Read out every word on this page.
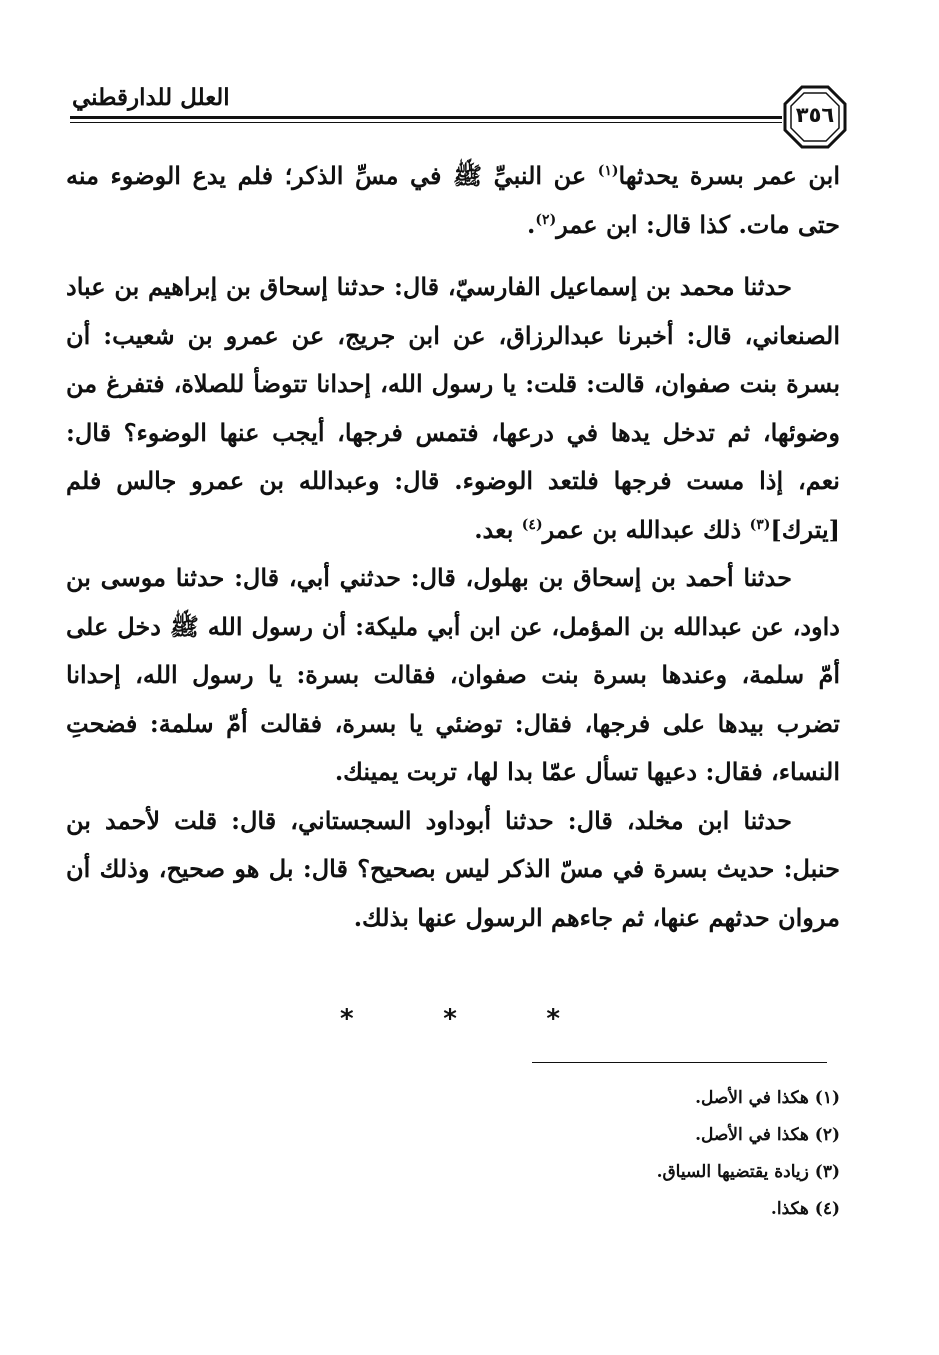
العلل للدارقطني
٣٥٦

ابن عمر بسرة يحدثها$^{(١)}$ عن النبيِّ ﷺ في مسِّ الذكر؛ فلم يدع الوضوء منه حتى مات. كذا قال: ابن عمر$^{(٢)}$.

حدثنا محمد بن إسماعيل الفارسيّ، قال: حدثنا إسحاق بن إبراهيم بن عباد الصنعاني، قال: أخبرنا عبدالرزاق، عن ابن جريج، عن عمرو بن شعيب: أن بسرة بنت صفوان، قالت: قلت: يا رسول الله، إحدانا تتوضأ للصلاة، فتفرغ من وضوئها، ثم تدخل يدها في درعها، فتمس فرجها، أيجب عنها الوضوء؟ قال: نعم، إذا مست فرجها فلتعد الوضوء. قال: وعبدالله بن عمرو جالس فلم [يترك]$^{(٣)}$ ذلك عبدالله بن عمر$^{(٤)}$ بعد.

حدثنا أحمد بن إسحاق بن بهلول، قال: حدثني أبي، قال: حدثنا موسى بن داود، عن عبدالله بن المؤمل، عن ابن أبي مليكة: أن رسول الله ﷺ دخل على أمّ سلمة، وعندها بسرة بنت صفوان، فقالت بسرة: يا رسول الله، إحدانا تضرب بيدها على فرجها، فقال: توضئي يا بسرة، فقالت أمّ سلمة: فضحتِ النساء، فقال: دعيها تسأل عمّا بدا لها، تربت يمينك.

حدثنا ابن مخلد، قال: حدثنا أبوداود السجستاني، قال: قلت لأحمد بن حنبل: حديث بسرة في مسّ الذكر ليس بصحيح؟ قال: بل هو صحيح، وذلك أن مروان حدثهم عنها، ثم جاءهم الرسول عنها بذلك.

*	*	*
(١) هكذا في الأصل.
(٢) هكذا في الأصل.
(٣) زيادة يقتضيها السياق.
(٤) هكذا.
